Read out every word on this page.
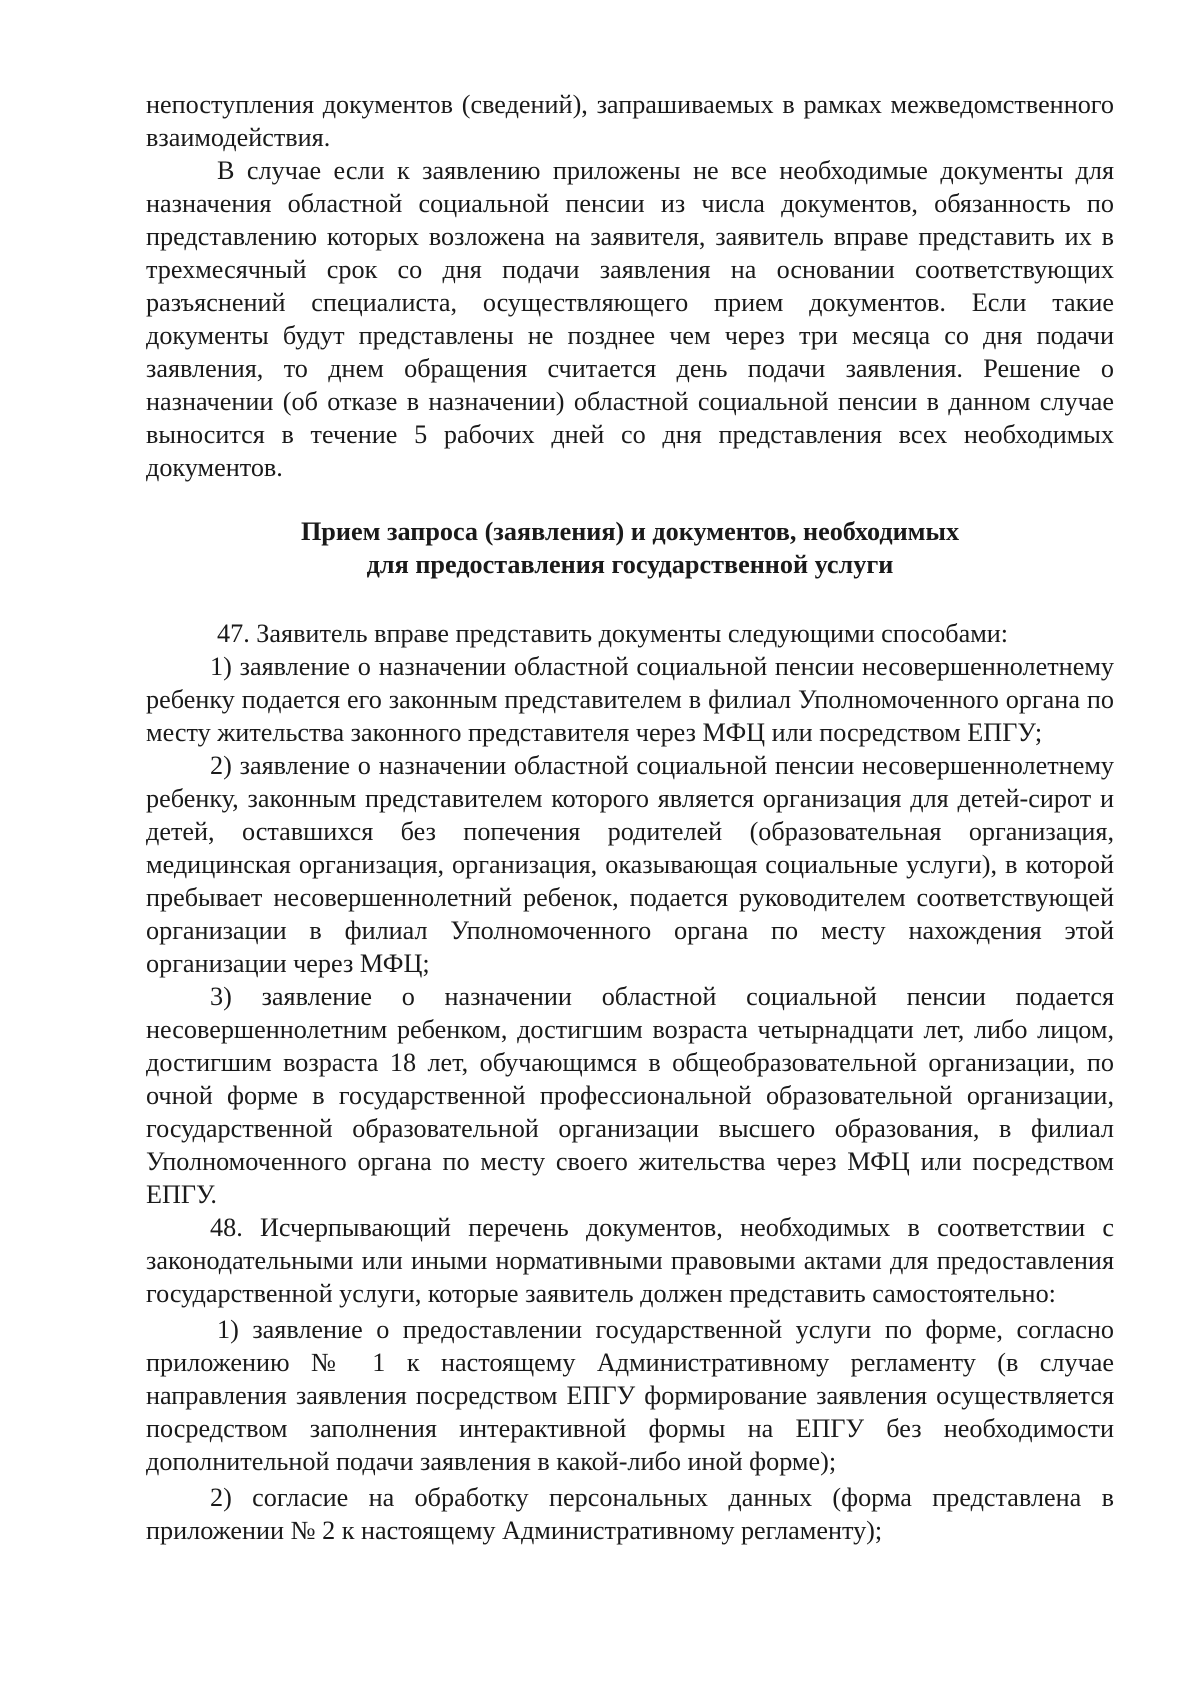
непоступления документов (сведений), запрашиваемых в рамках межведомственного взаимодействия.

В случае если к заявлению приложены не все необходимые документы для назначения областной социальной пенсии из числа документов, обязанность по представлению которых возложена на заявителя, заявитель вправе представить их в трехмесячный срок со дня подачи заявления на основании соответствующих разъяснений специалиста, осуществляющего прием документов. Если такие документы будут представлены не позднее чем через три месяца со дня подачи заявления, то днем обращения считается день подачи заявления. Решение о назначении (об отказе в назначении) областной социальной пенсии в данном случае выносится в течение 5 рабочих дней со дня представления всех необходимых документов.

Прием запроса (заявления) и документов, необходимых
для предоставления государственной услуги

47. Заявитель вправе представить документы следующими способами:

1) заявление о назначении областной социальной пенсии несовершеннолетнему ребенку подается его законным представителем в филиал Уполномоченного органа по месту жительства законного представителя через МФЦ или посредством ЕПГУ;

2) заявление о назначении областной социальной пенсии несовершеннолетнему ребенку, законным представителем которого является организация для детей-сирот и детей, оставшихся без попечения родителей (образовательная организация, медицинская организация, организация, оказывающая социальные услуги), в которой пребывает несовершеннолетний ребенок, подается руководителем соответствующей организации в филиал Уполномоченного органа по месту нахождения этой организации через МФЦ;

3) заявление о назначении областной социальной пенсии подается несовершеннолетним ребенком, достигшим возраста четырнадцати лет, либо лицом, достигшим возраста 18 лет, обучающимся в общеобразовательной организации, по очной форме в государственной профессиональной образовательной организации, государственной образовательной организации высшего образования, в филиал Уполномоченного органа по месту своего жительства через МФЦ или посредством ЕПГУ.

48. Исчерпывающий перечень документов, необходимых в соответствии с законодательными или иными нормативными правовыми актами для предоставления государственной услуги, которые заявитель должен представить самостоятельно:

1) заявление о предоставлении государственной услуги по форме, согласно приложению № 1 к настоящему Административному регламенту (в случае направления заявления посредством ЕПГУ формирование заявления осуществляется посредством заполнения интерактивной формы на ЕПГУ без необходимости дополнительной подачи заявления в какой-либо иной форме);

2) согласие на обработку персональных данных (форма представлена в приложении № 2 к настоящему Административному регламенту);
